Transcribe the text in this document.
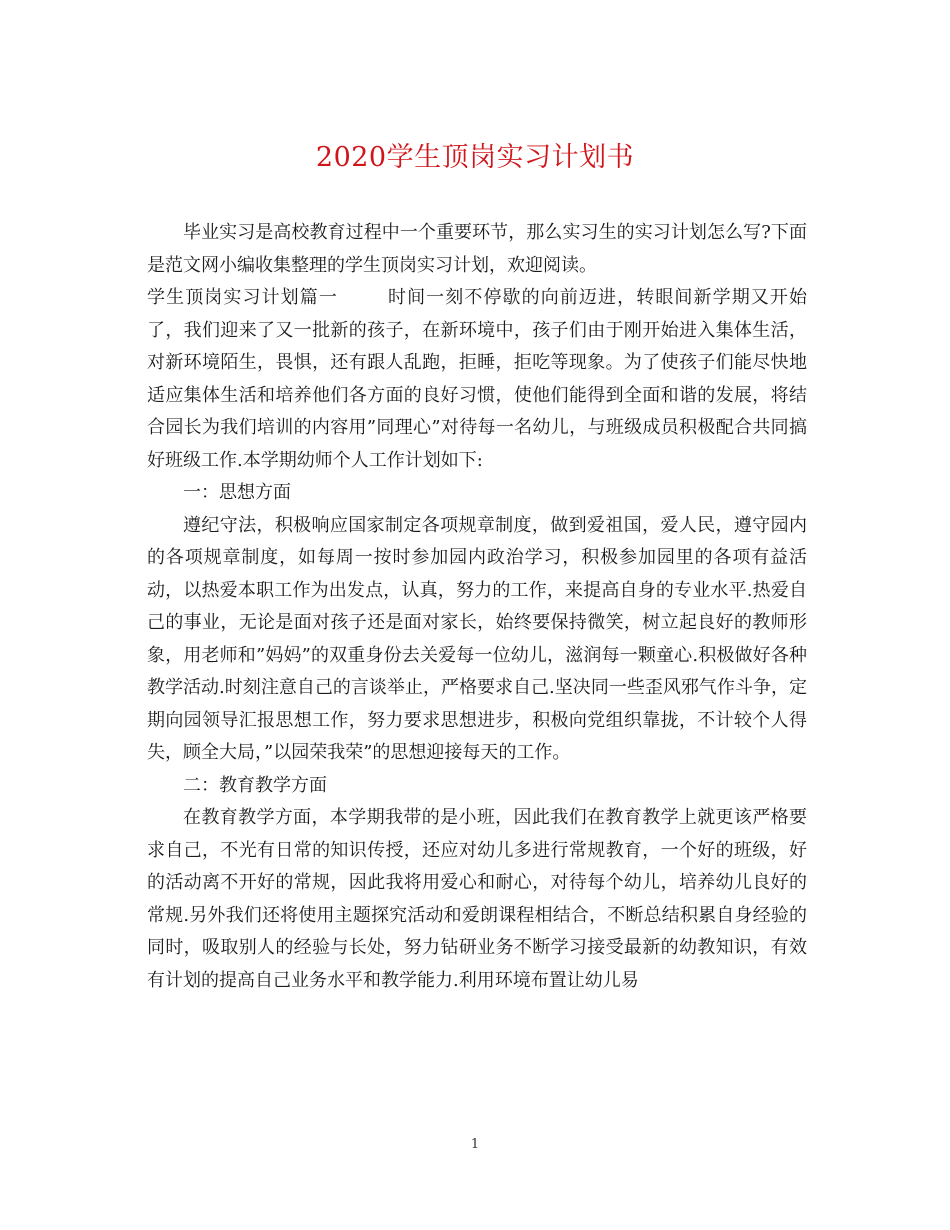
2020学生顶岗实习计划书

毕业实习是高校教育过程中一个重要环节，那么实习生的实习计划怎么写?下面是范文网小编收集整理的学生顶岗实习计划，欢迎阅读。

学生顶岗实习计划篇一	时间一刻不停歇的向前迈进，转眼间新学期又开始了，我们迎来了又一批新的孩子，在新环境中，孩子们由于刚开始进入集体生活，对新环境陌生，畏惧，还有跟人乱跑，拒睡，拒吃等现象。为了使孩子们能尽快地适应集体生活和培养他们各方面的良好习惯，使他们能得到全面和谐的发展，将结合园长为我们培训的内容用”同理心”对待每一名幼儿，与班级成员积极配合共同搞好班级工作.本学期幼师个人工作计划如下:

一：思想方面

遵纪守法，积极响应国家制定各项规章制度，做到爱祖国，爱人民，遵守园内的各项规章制度，如每周一按时参加园内政治学习，积极参加园里的各项有益活动，以热爱本职工作为出发点，认真，努力的工作，来提高自身的专业水平.热爱自己的事业，无论是面对孩子还是面对家长，始终要保持微笑，树立起良好的教师形象，用老师和”妈妈”的双重身份去关爱每一位幼儿，滋润每一颗童心.积极做好各种教学活动.时刻注意自己的言谈举止，严格要求自己.坚决同一些歪风邪气作斗争，定期向园领导汇报思想工作，努力要求思想进步，积极向党组织靠拢，不计较个人得失，顾全大局，”以园荣我荣”的思想迎接每天的工作。

二：教育教学方面

在教育教学方面，本学期我带的是小班，因此我们在教育教学上就更该严格要求自己，不光有日常的知识传授，还应对幼儿多进行常规教育，一个好的班级，好的活动离不开好的常规，因此我将用爱心和耐心，对待每个幼儿，培养幼儿良好的常规.另外我们还将使用主题探究活动和爱朗课程相结合，不断总结积累自身经验的同时，吸取别人的经验与长处，努力钻研业务不断学习接受最新的幼教知识，有效有计划的提高自己业务水平和教学能力.利用环境布置让幼儿易

1
